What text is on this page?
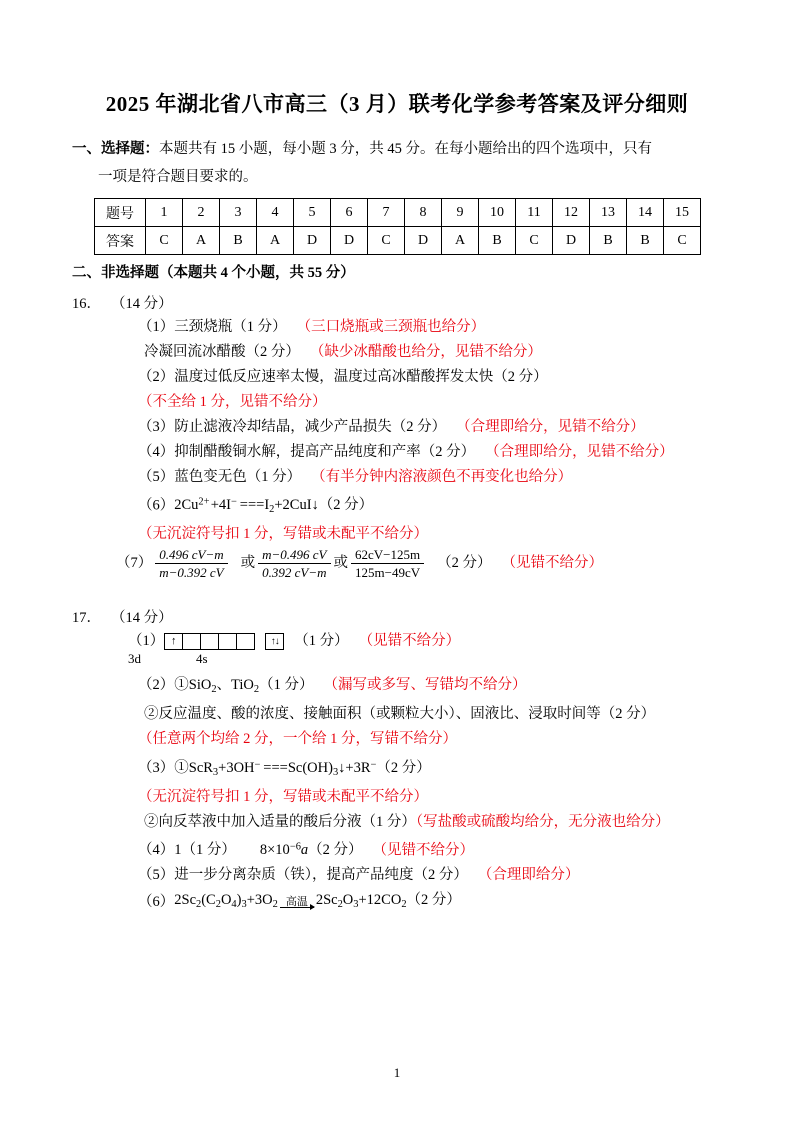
2025 年湖北省八市高三（3 月）联考化学参考答案及评分细则
一、选择题：本题共有 15 小题，每小题 3 分，共 45 分。在每小题给出的四个选项中，只有
一项是符合题目要求的。
题号	1	2	3	4	5	6	7	8	9	10	11	12	13	14	15
答案	C	A	B	A	D	D	C	D	A	B	C	D	B	B	C
二、非选择题（本题共 4 个小题，共 55 分）
16． （14 分）
（1）三颈烧瓶（1 分） （三口烧瓶或三颈瓶也给分）
冷凝回流冰醋酸（2 分） （缺少冰醋酸也给分，见错不给分）
（2）温度过低反应速率太慢，温度过高冰醋酸挥发太快（2 分）
（不全给 1 分，见错不给分）
（3）防止滤液冷却结晶，减少产品损失（2 分） （合理即给分，见错不给分）
（4）抑制醋酸铜水解，提高产品纯度和产率（2 分） （合理即给分，见错不给分）
（5）蓝色变无色（1 分） （有半分钟内溶液颜色不再变化也给分）
$(6)2Cu^{2+}$ $+4I^- ===I_2+2CuI↓(2$ 分）
（无沉淀符号扣 1 分，写错或未配平不给分）
$(7) \frac{0.496 cV-m}{m-0.392 cV}$ 或 $\frac{m-0.496 cV}{0.392 cV-m}$ 或 $\frac{62cV-125m}{125m-49cV} (2$ 分） （见错不给分）
17． （14 分）
（1） ↑ ↑↓	（1 分） （见错不给分）
3d	4s
（2）①SiO$_2$、TiO$_2$（1 分） （漏写或多写、写错均不给分）
②反应温度、酸的浓度、接触面积（或颗粒大小）、固液比、浸取时间等（2 分）
（任意两个均给 2 分，一个给 1 分，写错不给分）
（3）①ScR$_3$+3OH− $===Sc(OH)_3↓+3R^-(2$ 分）
（无沉淀符号扣 1 分，写错或未配平不给分）
②向反萃液中加入适量的酸后分液（1 分）（写盐酸或硫酸均给分，无分液也给分）
（4）1（1 分） $8\times 10^{-6}a(2$ 分） （见错不给分）
（5）进一步分离杂质（铁），提高产品纯度（2 分） （合理即给分）
（6） $2Sc_2(C_2O_4)_3+3O_2$ 高温 $2Sc_2O_3+12CO_2(2$ 分）
1
